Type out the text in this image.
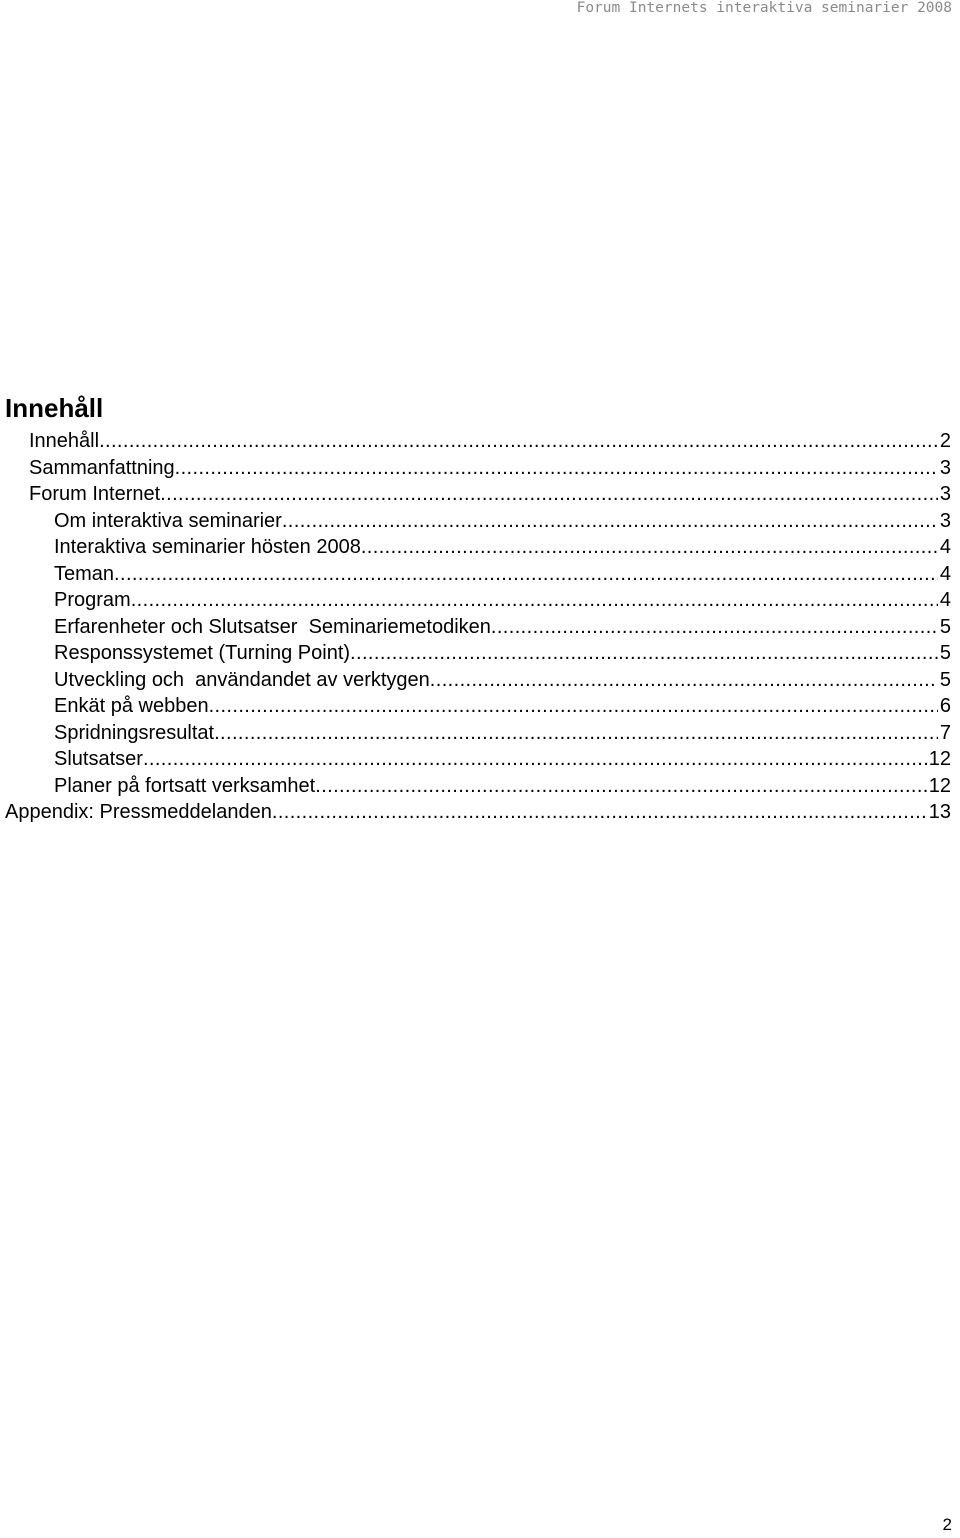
Forum Internets interaktiva seminarier 2008
Innehåll
Innehåll .....	2
Sammanfattning .....	3
Forum Internet .....	3
Om interaktiva seminarier .....	3
Interaktiva seminarier hösten 2008 .....	4
Teman .....	4
Program .....	4
Erfarenheter och Slutsatser  Seminariemetodiken .....	5
Responssystemet (Turning Point) .....	5
Utveckling och  användandet av verktygen .....	5
Enkät på webben .....	6
Spridningsresultat .....	7
Slutsatser .....	12
Planer på fortsatt verksamhet .....	12
Appendix: Pressmeddelanden .....	13
2
